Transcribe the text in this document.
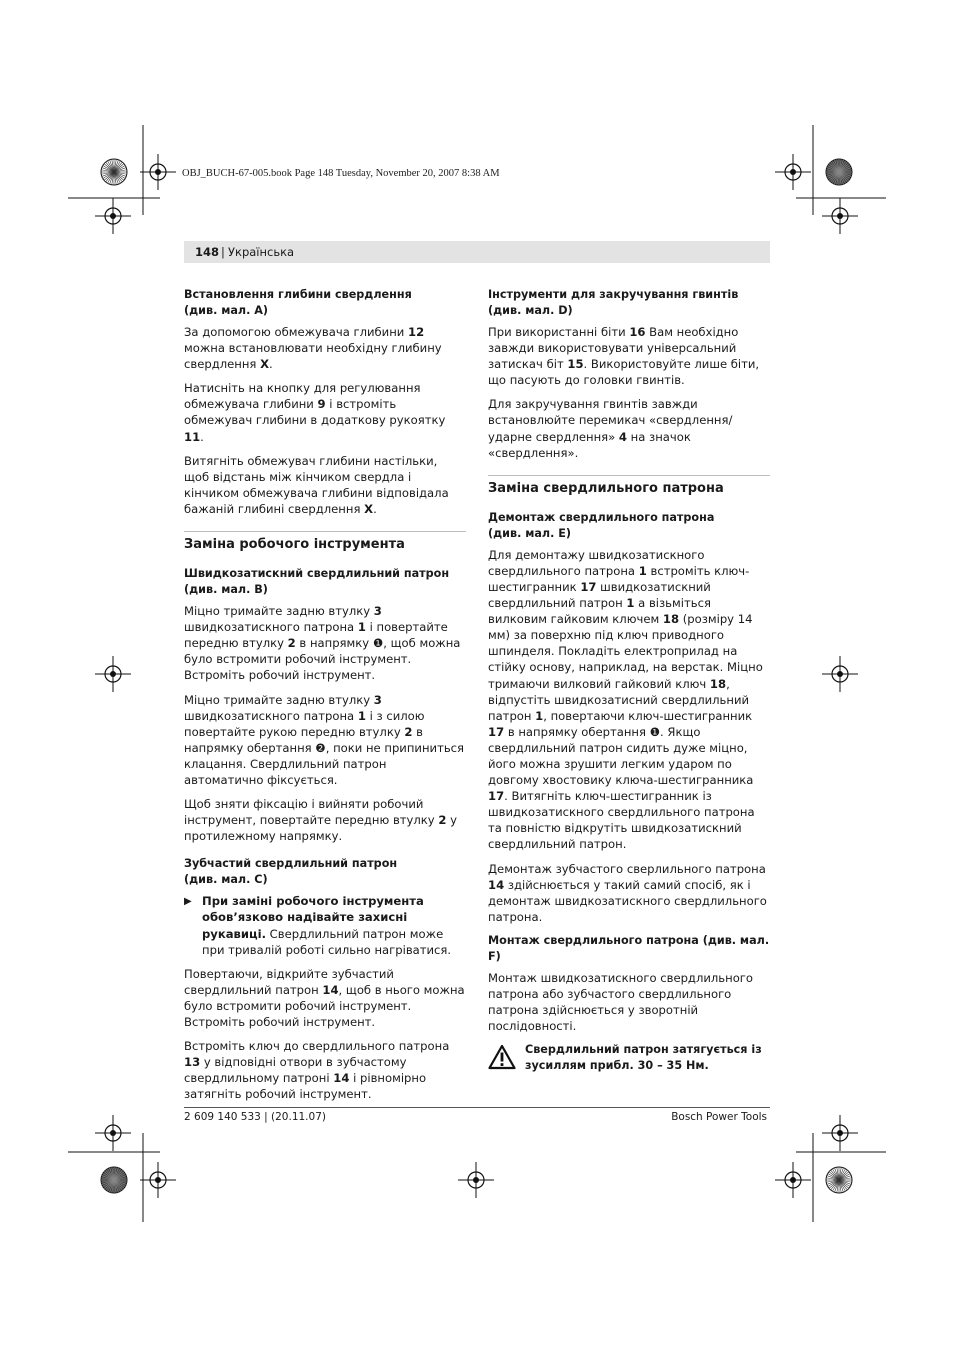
OBJ_BUCH-67-005.book Page 148 Tuesday, November 20, 2007 8:38 AM
148 | Українська
Встановлення глибини свердлення
(див. мал. A)

За допомогою обмежувача глибини 12 можна встановлювати необхідну глибину свердлення X.

Натисніть на кнопку для регулювання обмежувача глибини 9 і встроміть обмежувач глибини в додаткову рукоятку 11.

Витягніть обмежувач глибини настільки, щоб відстань між кінчиком свердла і кінчиком обмежувача глибини відповідала бажаній глибині свердлення X.

Заміна робочого інструмента
Швидкозатискний свердлильний патрон
(див. мал. B)

Міцно тримайте задню втулку 3 швидкозатискного патрона 1 і повертайте передню втулку 2 в напрямку ❶, щоб можна було встромити робочий інструмент. Встроміть робочий інструмент.

Міцно тримайте задню втулку 3 швидкозатискного патрона 1 і з силою повертайте рукою передню втулку 2 в напрямку обертання ❷, поки не припиниться клацання. Свердлильний патрон автоматично фіксується.

Щоб зняти фіксацію і вийняти робочий інструмент, повертайте передню втулку 2 у протилежному напрямку.

Зубчастий свердлильний патрон
(див. мал. C)
▶ При заміні робочого інструмента обов’язково надівайте захисні рукавиці. Свердлильний патрон може при тривалій роботі сильно нагріватися.

Повертаючи, відкрийте зубчастий свердлильний патрон 14, щоб в нього можна було встромити робочий інструмент. Встроміть робочий інструмент.

Встроміть ключ до свердлильного патрона 13 у відповідні отвори в зубчастому свердлильному патроні 14 і рівномірно затягніть робочий інструмент.

Інструменти для закручування гвинтів
(див. мал. D)

При використанні біти 16 Вам необхідно завжди використовувати універсальний затискач біт 15. Використовуйте лише біти, що пасують до головки гвинтів.

Для закручування гвинтів завжди встановлюйте перемикач «свердлення/ударне свердлення» 4 на значок «свердлення».

Заміна свердлильного патрона
Демонтаж свердлильного патрона
(див. мал. E)

Для демонтажу швидкозатискного свердлильного патрона 1 встроміть ключ-шестигранник 17 швидкозатискний свердлильний патрон 1 а візьміться вилковим гайковим ключем 18 (розміру 14 мм) за поверхню під ключ приводного шпинделя. Покладіть електроприлад на стійку основу, наприклад, на верстак. Міцно тримаючи вилковий гайковий ключ 18, відпустіть швидкозатисний свердлильний патрон 1, повертаючи ключ-шестигранник 17 в напрямку обертання ❶. Якщо свердлильний патрон сидить дуже міцно, його можна зрушити легким ударом по довгому хвостовику ключа-шестигранника 17. Витягніть ключ-шестигранник із швидкозатискного свердлильного патрона та повністю відкрутіть швидкозатискний свердлильний патрон.

Демонтаж зубчастого сверлильного патрона 14 здійснюється у такий самий спосіб, як і демонтаж швидкозатискного свердлильного патрона.

Монтаж свердлильного патрона (див. мал. F)

Монтаж швидкозатискного свердлильного патрона або зубчастого свердлильного патрона здійснюється у зворотній послідовності.

Свердлильний патрон затягується із зусиллям прибл. 30 – 35 Нм.
2 609 140 533 | (20.11.07)	Bosch Power Tools
